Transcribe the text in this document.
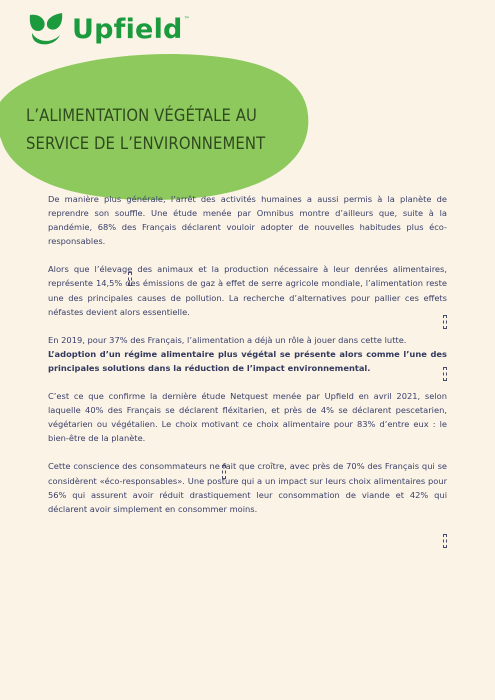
Upfield ™
L’ALIMENTATION VÉGÉTALE AU
SERVICE DE L’ENVIRONNEMENT

De manière plus générale, l’arrêt des activités humaines a aussi permis à la planète de reprendre son souffle. Une étude menée par Omnibus montre d’ailleurs que, suite à la pandémie, 68% des Français déclarent vouloir adopter de nouvelles habitudes plus éco-responsables.

Alors que l’élevage des animaux et la production nécessaire à leur denrées alimentaires, représente 14,5% des émissions de gaz à effet de serre agricole mondiale, l’alimentation reste une des principales causes de pollution. La recherche d’alternatives pour pallier ces effets néfastes devient alors essentielle.

En 2019, pour 37% des Français, l’alimentation a déjà un rôle à jouer dans cette lutte.
L’adoption d’un régime alimentaire plus végétal se présente alors comme l’une des principales solutions dans la réduction de l’impact environnemental.

C’est ce que confirme la dernière étude Netquest menée par Upfield en avril 2021, selon laquelle 40% des Français se déclarent fléxitarien, et près de 4% se déclarent pescetarien, végétarien ou végétalien. Le choix motivant ce choix alimentaire pour 83% d’entre eux : le bien-être de la planète.

Cette conscience des consommateurs ne fait que croître, avec près de 70% des Français qui se considèrent «éco-responsables». Une posture qui a un impact sur leurs choix alimentaires pour 56% qui assurent avoir réduit drastiquement leur consommation de viande et 42% qui déclarent avoir simplement en consommer moins.
